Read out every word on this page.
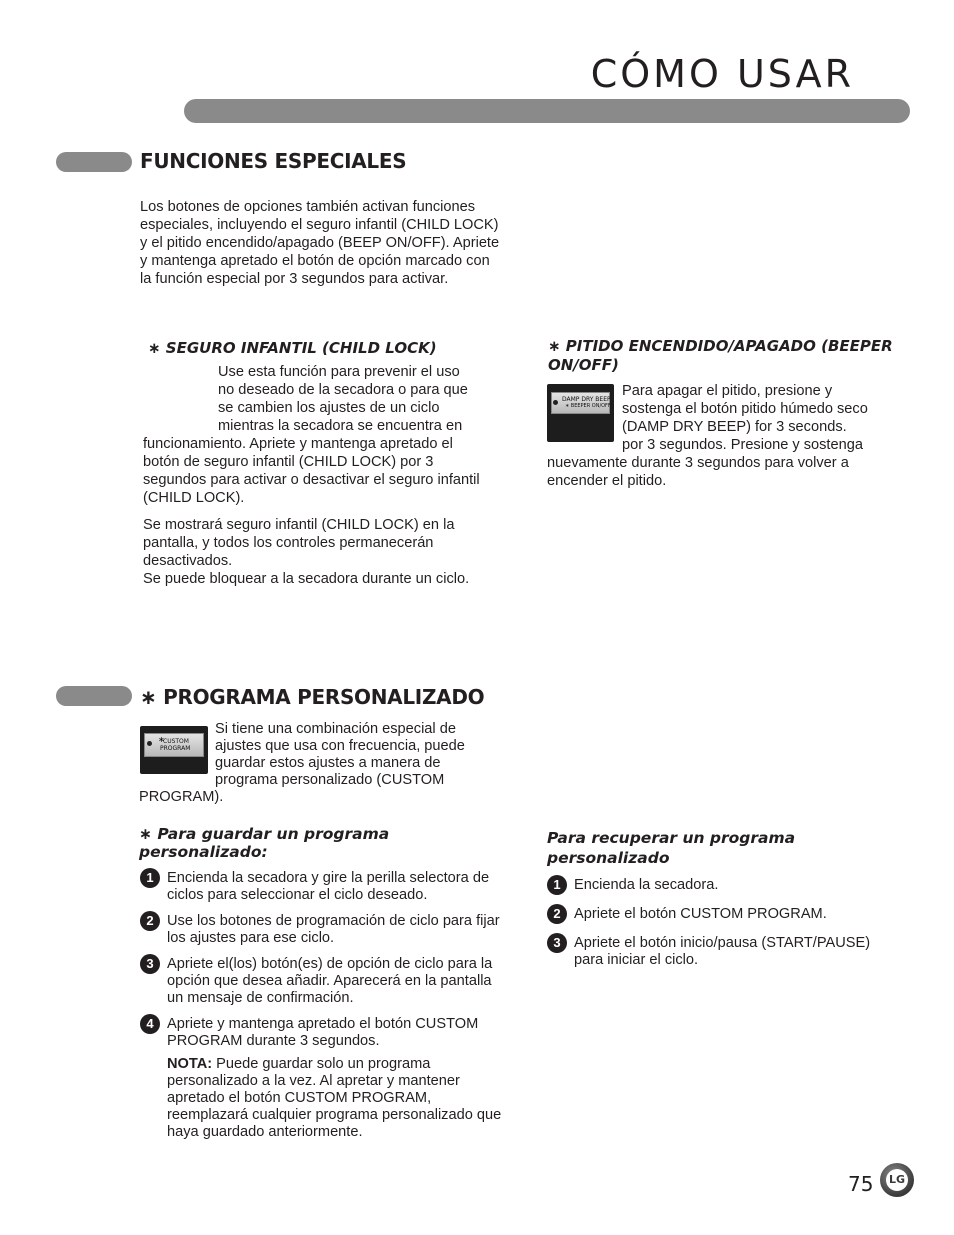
CÓMO USAR
FUNCIONES ESPECIALES

Los botones de opciones también activan funciones especiales, incluyendo el seguro infantil (CHILD LOCK) y el pitido encendido/apagado (BEEP ON/OFF). Apriete y mantenga apretado el botón de opción marcado con la función especial por 3 segundos para activar.

∗ SEGURO INFANTIL (CHILD LOCK)
Use esta función para prevenir el uso
no deseado de la secadora o para que
se cambien los ajustes de un ciclo
mientras la secadora se encuentra en

funcionamiento. Apriete y mantenga apretado el botón de seguro infantil (CHILD LOCK) por 3 segundos para activar o desactivar el seguro infantil (CHILD LOCK).

Se mostrará seguro infantil (CHILD LOCK) en la pantalla, y todos los controles permanecerán desactivados.
Se puede bloquear a la secadora durante un ciclo.
∗ PITIDO ENCENDIDO/APAGADO (BEEPER ON/OFF)
DAMP DRY BEEP
∗ BEEPER ON/OFF
Para apagar el pitido, presione y
sostenga el botón pitido húmedo seco
(DAMP DRY BEEP) for 3 seconds.
por 3 segundos. Presione y sostenga

nuevamente durante 3 segundos para volver a encender el pitido.

∗ PROGRAMA PERSONALIZADO
∗
CUSTOM
PROGRAM
Si tiene una combinación especial de
ajustes que usa con frecuencia, puede
guardar estos ajustes a manera de
programa personalizado (CUSTOM

PROGRAM).

∗ Para guardar un programa personalizado:
1 Encienda la secadora y gire la perilla selectora de ciclos para seleccionar el ciclo deseado.
2 Use los botones de programación de ciclo para fijar los ajustes para ese ciclo.
3 Apriete el(los) botón(es) de opción de ciclo para la opción que desea añadir. Aparecerá en la pantalla un mensaje de confirmación.
4 Apriete y mantenga apretado el botón CUSTOM PROGRAM durante 3 segundos.
NOTA: Puede guardar solo un programa personalizado a la vez. Al apretar y mantener apretado el botón CUSTOM PROGRAM, reemplazará cualquier programa personalizado que haya guardado anteriormente.
Para recuperar un programa personalizado
1 Encienda la secadora.
2 Apriete el botón CUSTOM PROGRAM.
3 Apriete el botón inicio/pausa (START/PAUSE) para iniciar el ciclo.
75 LG
